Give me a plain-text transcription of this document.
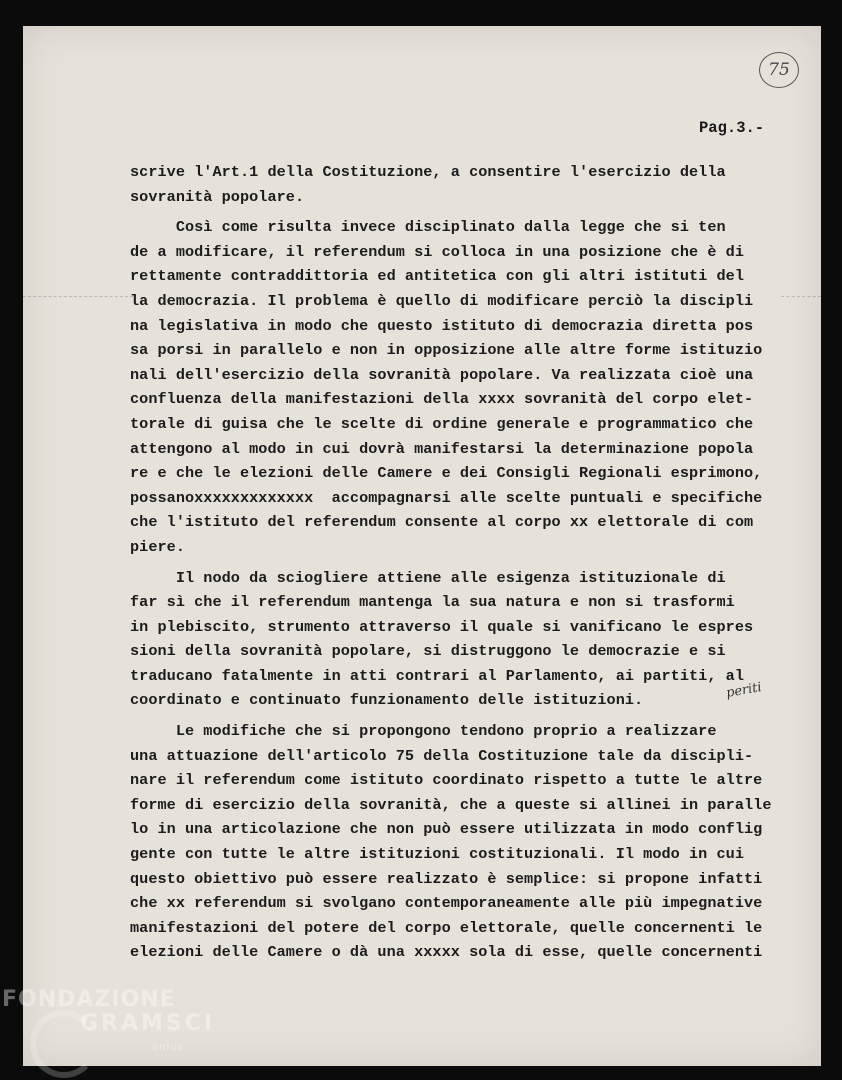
75
Pag.3.-
scrive l'Art.1 della Costituzione, a consentire l'esercizio della
sovranità popolare.
Così come risulta invece disciplinato dalla legge che si ten
de a modificare, il referendum si colloca in una posizione che è di
rettamente contraddittoria ed antitetica con gli altri istituti del
la democrazia. Il problema è quello di modificare perciò la discipli
na legislativa in modo che questo istituto di democrazia diretta pos
sa porsi in parallelo e non in opposizione alle altre forme istituzio
nali dell'esercizio della sovranità popolare. Va realizzata cioè una
confluenza della manifestazioni della xxxx sovranità del corpo elet-
torale di guisa che le scelte di ordine generale e programmatico che
attengono al modo in cui dovrà manifestarsi la determinazione popola
re e che le elezioni delle Camere e dei Consigli Regionali esprimono,
possanoxxxxxxxxxxxxx  accompagnarsi alle scelte puntuali e specifiche
che l'istituto del referendum consente al corpo xx elettorale di com
piere.
Il nodo da sciogliere attiene alle esigenza istituzionale di
far sì che il referendum mantenga la sua natura e non si trasformi
in plebiscito, strumento attraverso il quale si vanificano le espres
sioni della sovranità popolare, si distruggono le democrazie e si
traducano fatalmente in atti contrari al Parlamento, ai partiti, al
coordinato e continuato funzionamento delle istituzioni.
Le modifiche che si propongono tendono proprio a realizzare
una attuazione dell'articolo 75 della Costituzione tale da discipli-
nare il referendum come istituto coordinato rispetto a tutte le altre
forme di esercizio della sovranità, che a queste si allinei in paralle
lo in una articolazione che non può essere utilizzata in modo conflig
gente con tutte le altre istituzioni costituzionali. Il modo in cui
questo obiettivo può essere realizzato è semplice: si propone infatti
che xx referendum si svolgano contemporaneamente alle più impegnative
manifestazioni del potere del corpo elettorale, quelle concernenti le
elezioni delle Camere o dà una xxxxx sola di esse, quelle concernenti
periti
FONDAZIONE
GRAMSCI
onlus
